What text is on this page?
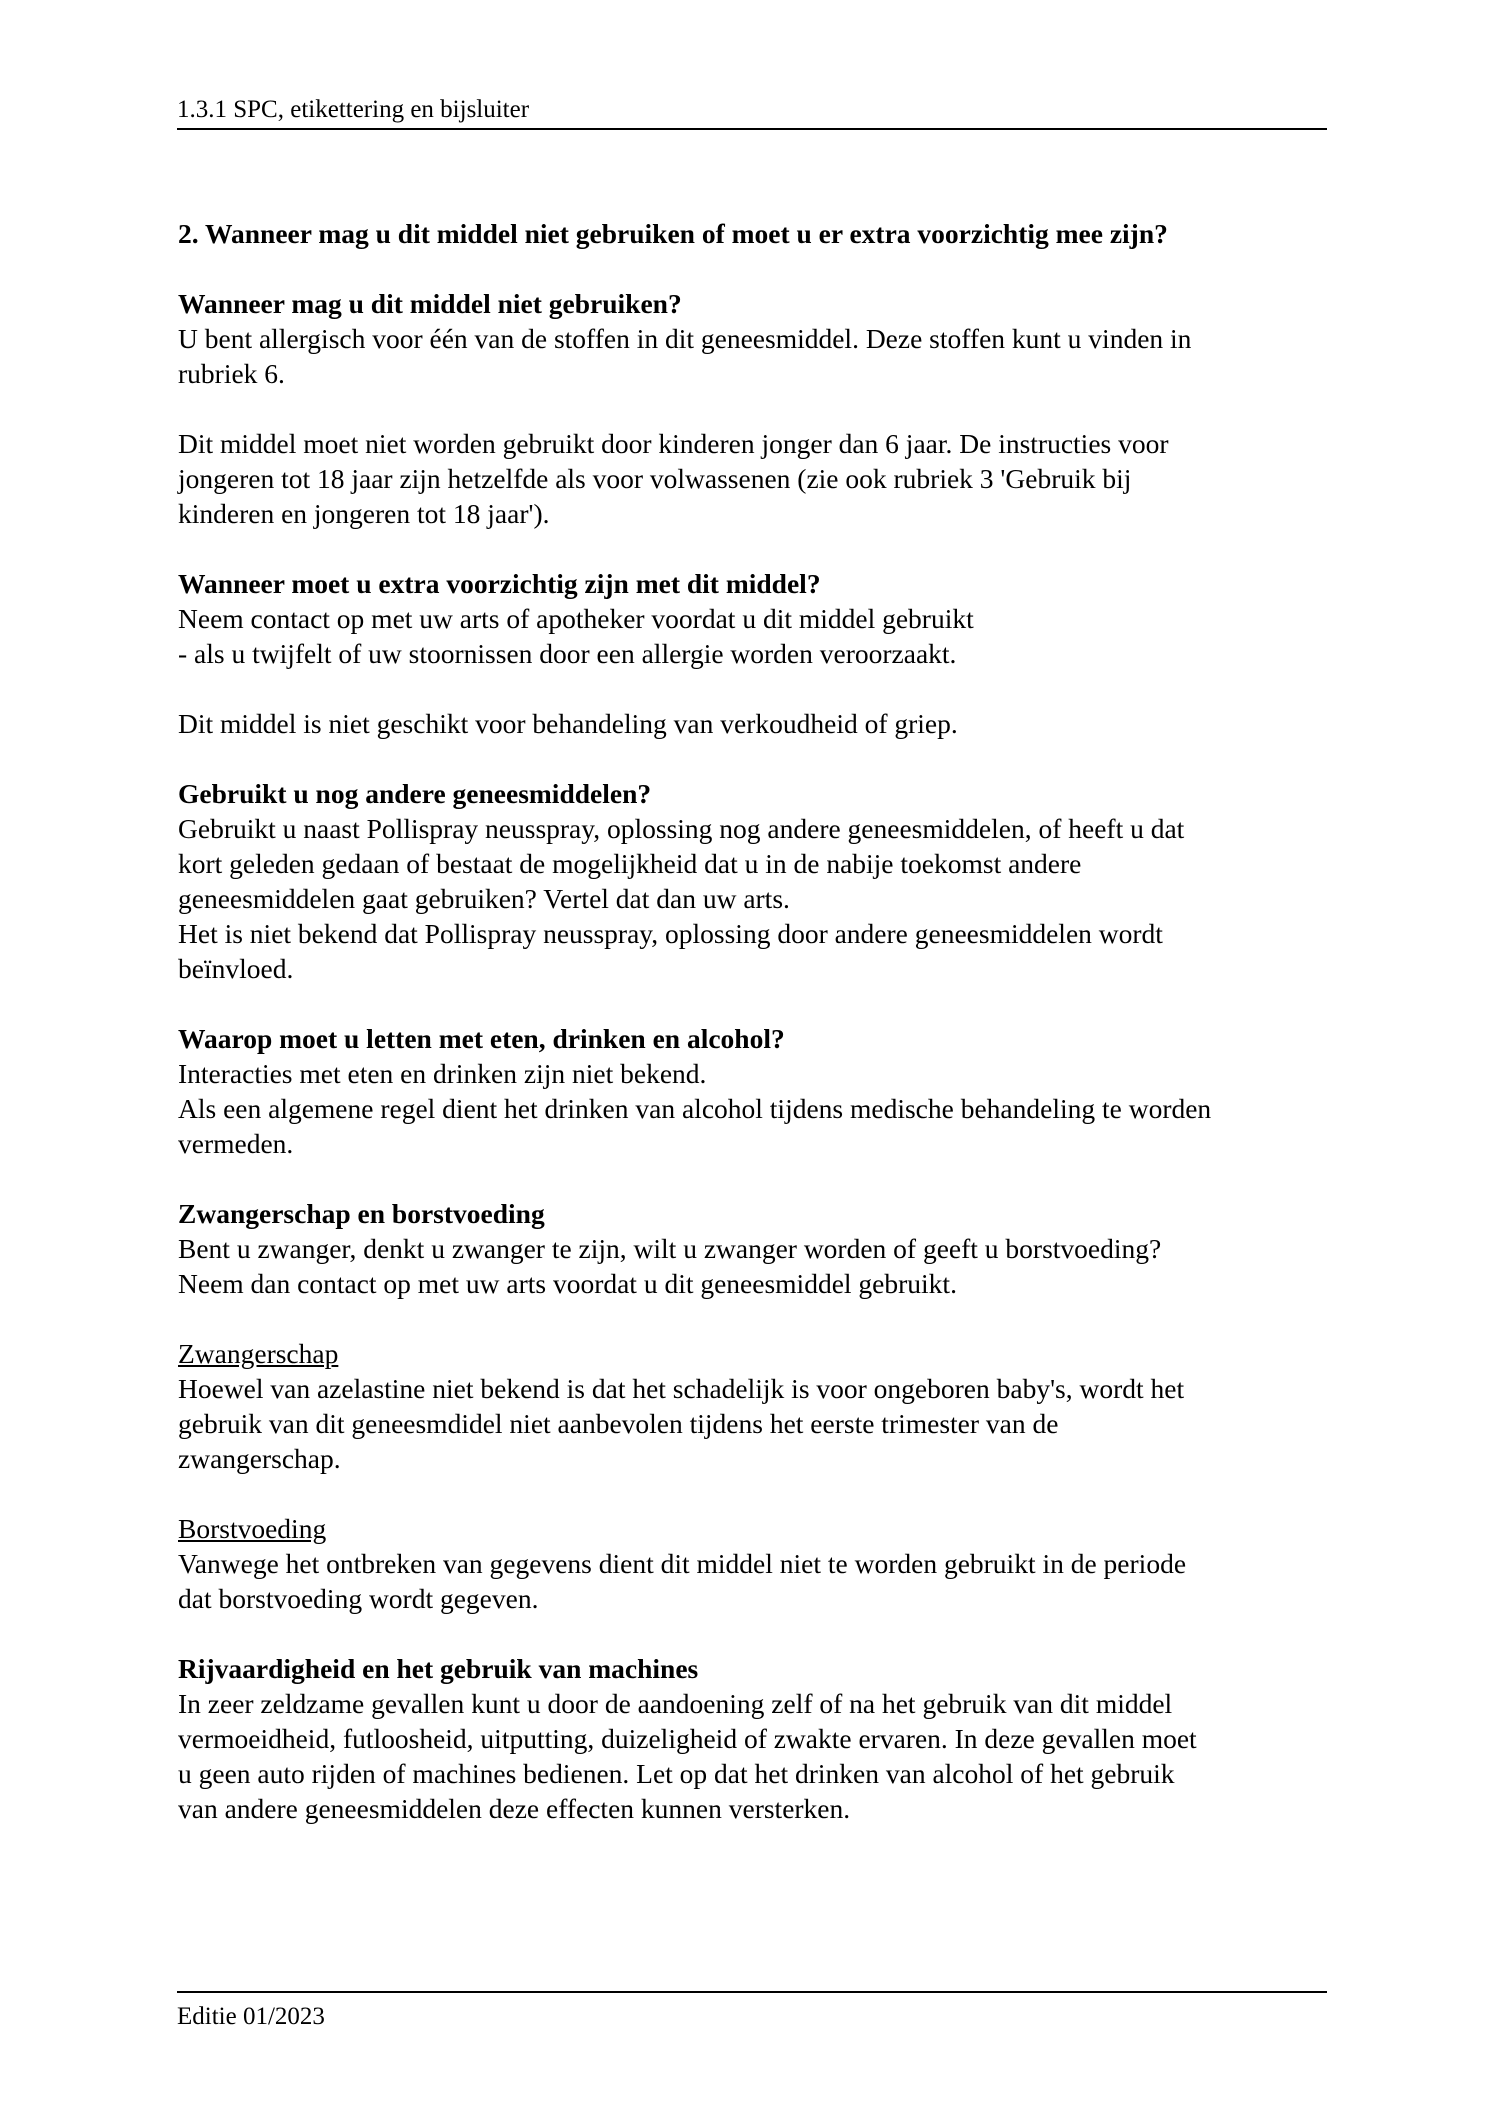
1.3.1 SPC, etikettering en bijsluiter

2. Wanneer mag u dit middel niet gebruiken of moet u er extra voorzichtig mee zijn?
Wanneer mag u dit middel niet gebruiken?
U bent allergisch voor één van de stoffen in dit geneesmiddel. Deze stoffen kunt u vinden in
rubriek 6.
Dit middel moet niet worden gebruikt door kinderen jonger dan 6 jaar. De instructies voor
jongeren tot 18 jaar zijn hetzelfde als voor volwassenen (zie ook rubriek 3 'Gebruik bij
kinderen en jongeren tot 18 jaar').
Wanneer moet u extra voorzichtig zijn met dit middel?
Neem contact op met uw arts of apotheker voordat u dit middel gebruikt
- als u twijfelt of uw stoornissen door een allergie worden veroorzaakt.
Dit middel is niet geschikt voor behandeling van verkoudheid of griep.
Gebruikt u nog andere geneesmiddelen?
Gebruikt u naast Pollispray neusspray, oplossing nog andere geneesmiddelen, of heeft u dat
kort geleden gedaan of bestaat de mogelijkheid dat u in de nabije toekomst andere
geneesmiddelen gaat gebruiken? Vertel dat dan uw arts.
Het is niet bekend dat Pollispray neusspray, oplossing door andere geneesmiddelen wordt
beïnvloed.
Waarop moet u letten met eten, drinken en alcohol?
Interacties met eten en drinken zijn niet bekend.
Als een algemene regel dient het drinken van alcohol tijdens medische behandeling te worden
vermeden.
Zwangerschap en borstvoeding
Bent u zwanger, denkt u zwanger te zijn, wilt u zwanger worden of geeft u borstvoeding?
Neem dan contact op met uw arts voordat u dit geneesmiddel gebruikt.
Zwangerschap
Hoewel van azelastine niet bekend is dat het schadelijk is voor ongeboren baby's, wordt het
gebruik van dit geneesmdidel niet aanbevolen tijdens het eerste trimester van de
zwangerschap.
Borstvoeding
Vanwege het ontbreken van gegevens dient dit middel niet te worden gebruikt in de periode
dat borstvoeding wordt gegeven.
Rijvaardigheid en het gebruik van machines
In zeer zeldzame gevallen kunt u door de aandoening zelf of na het gebruik van dit middel
vermoeidheid, futloosheid, uitputting, duizeligheid of zwakte ervaren. In deze gevallen moet
u geen auto rijden of machines bedienen. Let op dat het drinken van alcohol of het gebruik
van andere geneesmiddelen deze effecten kunnen versterken.
Editie 01/2023
